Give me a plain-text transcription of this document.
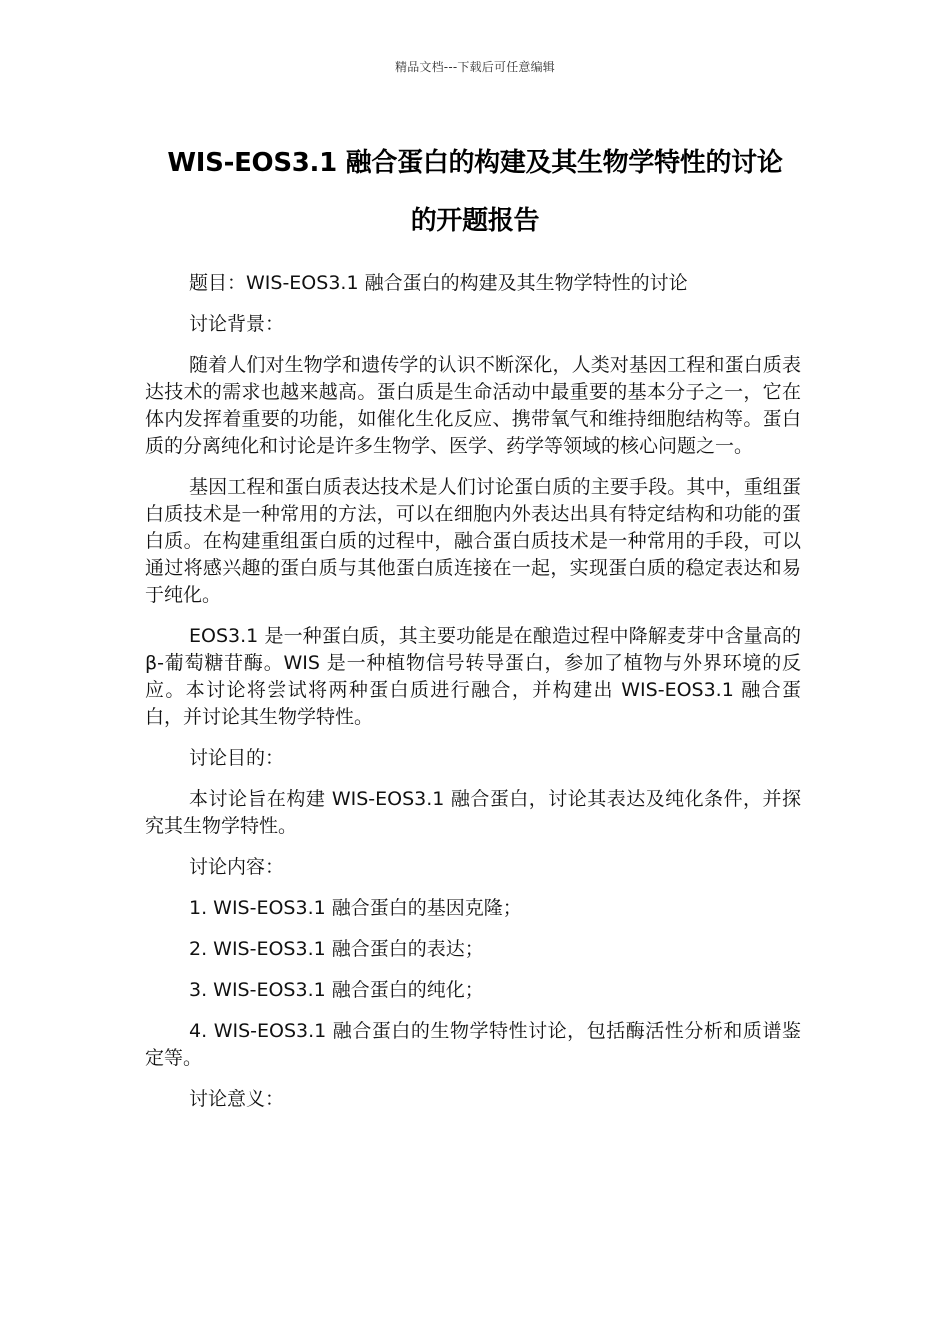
精品文档---下载后可任意编辑
WIS-EOS3.1 融合蛋白的构建及其生物学特性的讨论
的开题报告

题目：WIS-EOS3.1 融合蛋白的构建及其生物学特性的讨论

讨论背景：

随着人们对生物学和遗传学的认识不断深化，人类对基因工程和蛋白质表达技术的需求也越来越高。蛋白质是生命活动中最重要的基本分子之一，它在体内发挥着重要的功能，如催化生化反应、携带氧气和维持细胞结构等。蛋白质的分离纯化和讨论是许多生物学、医学、药学等领域的核心问题之一。

基因工程和蛋白质表达技术是人们讨论蛋白质的主要手段。其中，重组蛋白质技术是一种常用的方法，可以在细胞内外表达出具有特定结构和功能的蛋白质。在构建重组蛋白质的过程中，融合蛋白质技术是一种常用的手段，可以通过将感兴趣的蛋白质与其他蛋白质连接在一起，实现蛋白质的稳定表达和易于纯化。

EOS3.1 是一种蛋白质，其主要功能是在酿造过程中降解麦芽中含量高的 β-葡萄糖苷酶。WIS 是一种植物信号转导蛋白，参加了植物与外界环境的反应。本讨论将尝试将两种蛋白质进行融合，并构建出 WIS-EOS3.1 融合蛋白，并讨论其生物学特性。

讨论目的：

本讨论旨在构建 WIS-EOS3.1 融合蛋白，讨论其表达及纯化条件，并探究其生物学特性。

讨论内容：

1. WIS-EOS3.1 融合蛋白的基因克隆；

2. WIS-EOS3.1 融合蛋白的表达；

3. WIS-EOS3.1 融合蛋白的纯化；

4. WIS-EOS3.1 融合蛋白的生物学特性讨论，包括酶活性分析和质谱鉴定等。

讨论意义：
